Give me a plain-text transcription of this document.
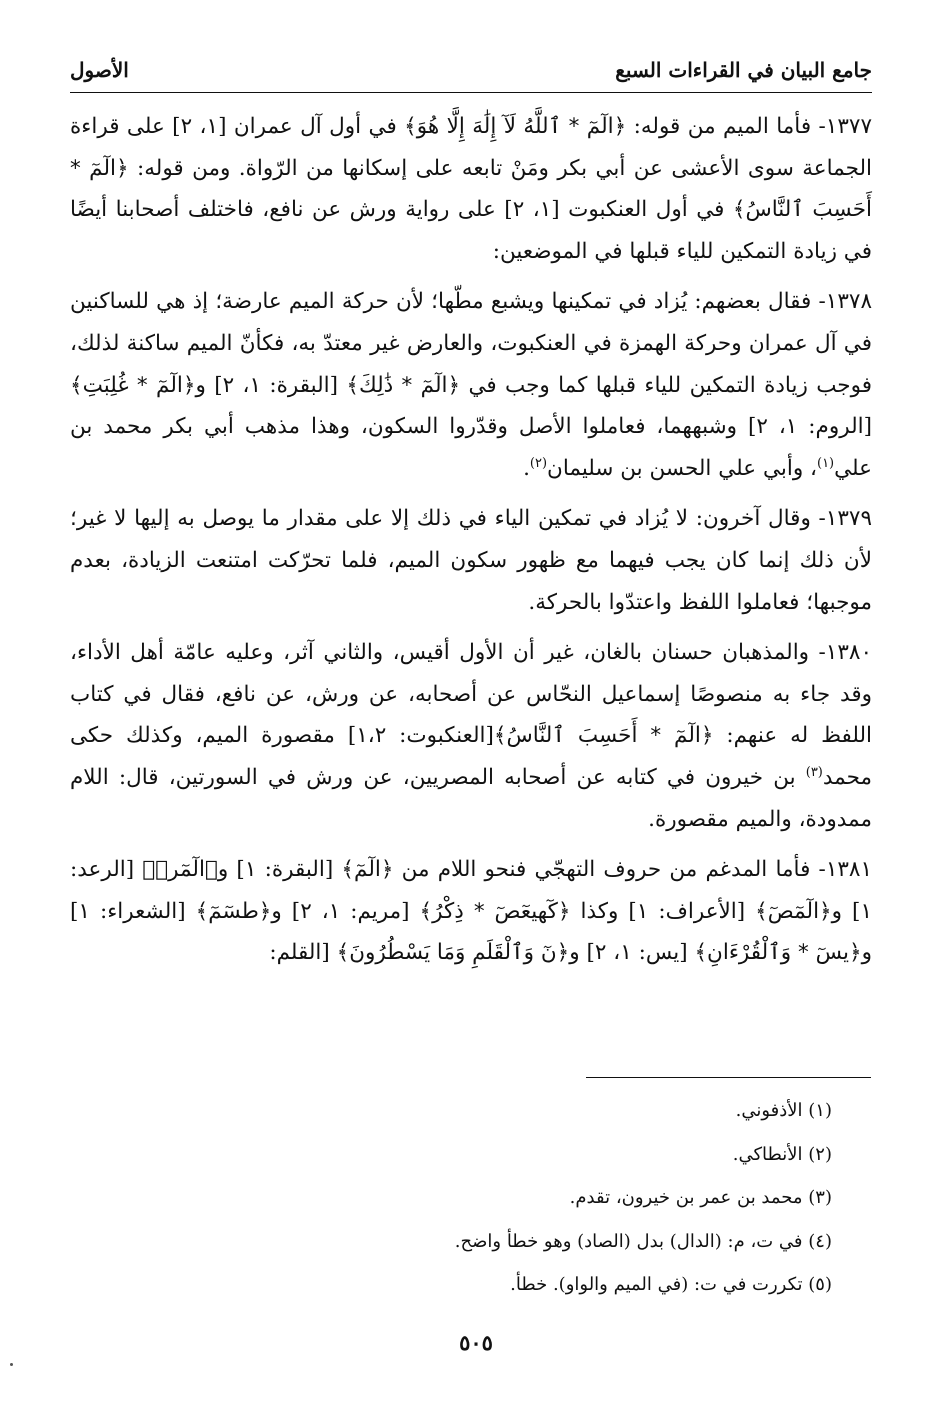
جامع البيان في القراءات السبع
الأصول

١٣٧٧- فأما الميم من قوله: ﴿الٓمٓ * ٱللَّهُ لَآ إِلَٰهَ إِلَّا هُوَ﴾ في أول آل عمران [١، ٢] على قراءة الجماعة سوى الأعشى عن أبي بكر ومَنْ تابعه على إسكانها من الرّواة. ومن قوله: ﴿الٓمٓ * أَحَسِبَ ٱلنَّاسُ﴾ في أول العنكبوت [١، ٢] على رواية ورش عن نافع، فاختلف أصحابنا أيضًا في زيادة التمكين للياء قبلها في الموضعين:

١٣٧٨- فقال بعضهم: يُزاد في تمكينها ويشبع مطّها؛ لأن حركة الميم عارضة؛ إذ هي للساكنين في آل عمران وحركة الهمزة في العنكبوت، والعارض غير معتدّ به، فكأنّ الميم ساكنة لذلك، فوجب زيادة التمكين للياء قبلها كما وجب في ﴿الٓمٓ * ذَٰلِكَ﴾ [البقرة: ١، ٢] و﴿الٓمٓ * غُلِبَتِ﴾ [الروم: ١، ٢] وشبههما، فعاملوا الأصل وقدّروا السكون، وهذا مذهب أبي بكر محمد بن علي$^{(١)}$، وأبي علي الحسن بن سليمان$^{(٢)}$.

١٣٧٩- وقال آخرون: لا يُزاد في تمكين الياء في ذلك إلا على مقدار ما يوصل به إليها لا غير؛ لأن ذلك إنما كان يجب فيهما مع ظهور سكون الميم، فلما تحرّكت امتنعت الزيادة، بعدم موجبها؛ فعاملوا اللفظ واعتدّوا بالحركة.

١٣٨٠- والمذهبان حسنان بالغان، غير أن الأول أقيس، والثاني آثر، وعليه عامّة أهل الأداء، وقد جاء به منصوصًا إسماعيل النحّاس عن أصحابه، عن ورش، عن نافع، فقال في كتاب اللفظ له عنهم: ﴿الٓمٓ * أَحَسِبَ ٱلنَّاسُ﴾[العنكبوت: ١،٢] مقصورة الميم، وكذلك حكى محمد$^{(٣)}$ بن خيرون في كتابه عن أصحابه المصريين، عن ورش في السورتين، قال: اللام ممدودة، والميم مقصورة.

١٣٨١- فأما المدغم من حروف التهجّي فنحو اللام من ﴿الٓمٓ﴾ [البقرة: ١] و﴿الٓمٓرۚ﴾ [الرعد: ١] و﴿الٓمٓصٓ﴾ [الأعراف: ١] وكذا ﴿كٓهيعٓصٓ * ذِكْرُ﴾ [مريم: ١، ٢] و﴿طسٓمٓ﴾ [الشعراء: ١] و﴿يسٓ * وَٱلْقُرْءَانِ﴾ [يس: ١، ٢] و﴿نٓ وَٱلْقَلَمِ وَمَا يَسْطُرُونَ﴾ [القلم:

(١) الأذفوني.
(٢) الأنطاكي.
(٣) محمد بن عمر بن خيرون، تقدم.
(٤) في ت، م: (الدال) بدل (الصاد) وهو خطأ واضح.
(٥) تكررت في ت: (في الميم والواو). خطأ.
٥٠٥
